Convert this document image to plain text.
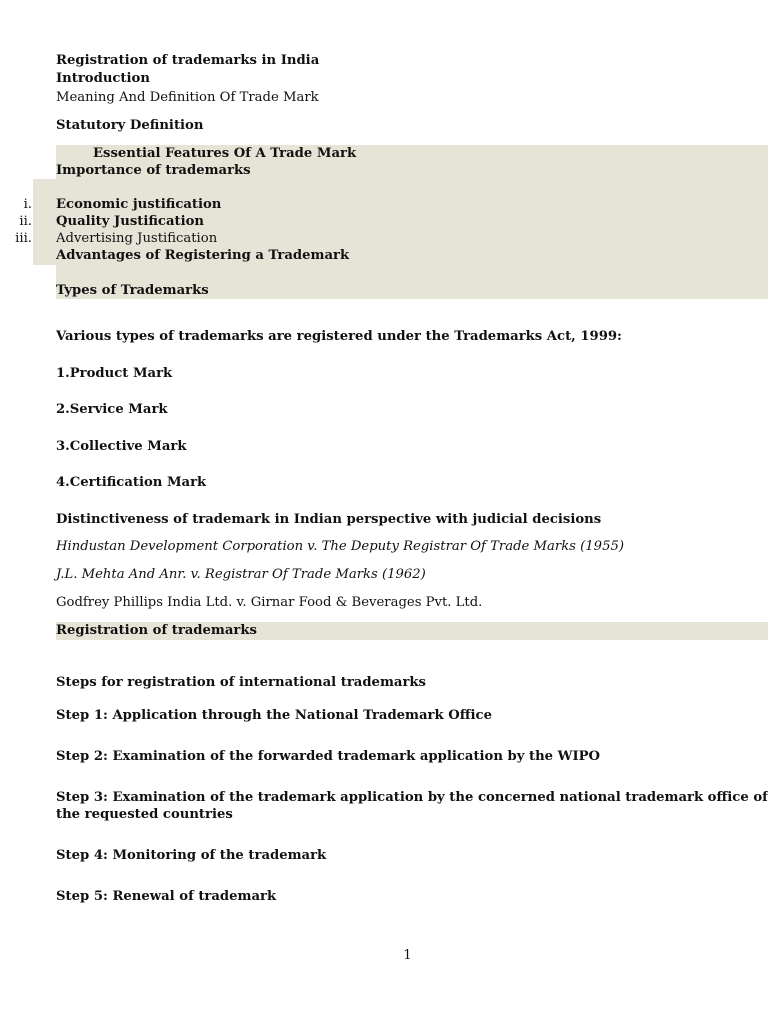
Registration of trademarks in India
Introduction
Meaning And Definition Of Trade Mark
Statutory Definition
Essential Features Of A Trade Mark
Importance of trademarks
i. Economic justification
ii. Quality Justification
iii. Advertising Justification
Advantages of Registering a Trademark
Types of Trademarks
Various types of trademarks are registered under the Trademarks Act, 1999:
1.Product Mark
2.Service Mark
3.Collective Mark
4.Certification Mark
Distinctiveness of trademark in Indian perspective with judicial decisions
Hindustan Development Corporation v. The Deputy Registrar Of Trade Marks (1955)
J.L. Mehta And Anr. v. Registrar Of Trade Marks (1962)
Godfrey Phillips India Ltd. v. Girnar Food & Beverages Pvt. Ltd.
Registration of trademarks
Steps for registration of international trademarks
Step 1: Application through the National Trademark Office
Step 2: Examination of the forwarded trademark application by the WIPO
Step 3: Examination of the trademark application by the concerned national trademark office of the requested countries
Step 4: Monitoring of the trademark
Step 5: Renewal of trademark
1
